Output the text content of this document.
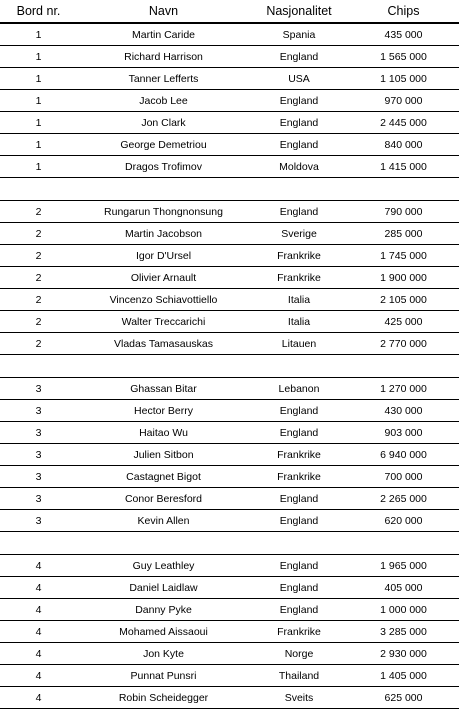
Bord nr.	Navn	Nasjonalitet	Chips
1	Martin Caride	Spania	435 000
1	Richard Harrison	England	1 565 000
1	Tanner Lefferts	USA	1 105 000
1	Jacob Lee	England	970 000
1	Jon Clark	England	2 445 000
1	George Demetriou	England	840 000
1	Dragos Trofimov	Moldova	1 415 000
2	Rungarun Thongnonsung	England	790 000
2	Martin Jacobson	Sverige	285 000
2	Igor D'Ursel	Frankrike	1 745 000
2	Olivier Arnault	Frankrike	1 900 000
2	Vincenzo Schiavottiello	Italia	2 105 000
2	Walter Treccarichi	Italia	425 000
2	Vladas Tamasauskas	Litauen	2 770 000
3	Ghassan Bitar	Lebanon	1 270 000
3	Hector Berry	England	430 000
3	Haitao Wu	England	903 000
3	Julien Sitbon	Frankrike	6 940 000
3	Castagnet Bigot	Frankrike	700 000
3	Conor Beresford	England	2 265 000
3	Kevin Allen	England	620 000
4	Guy Leathley	England	1 965 000
4	Daniel Laidlaw	England	405 000
4	Danny Pyke	England	1 000 000
4	Mohamed Aissaoui	Frankrike	3 285 000
4	Jon Kyte	Norge	2 930 000
4	Punnat Punsri	Thailand	1 405 000
4	Robin Scheidegger	Sveits	625 000
